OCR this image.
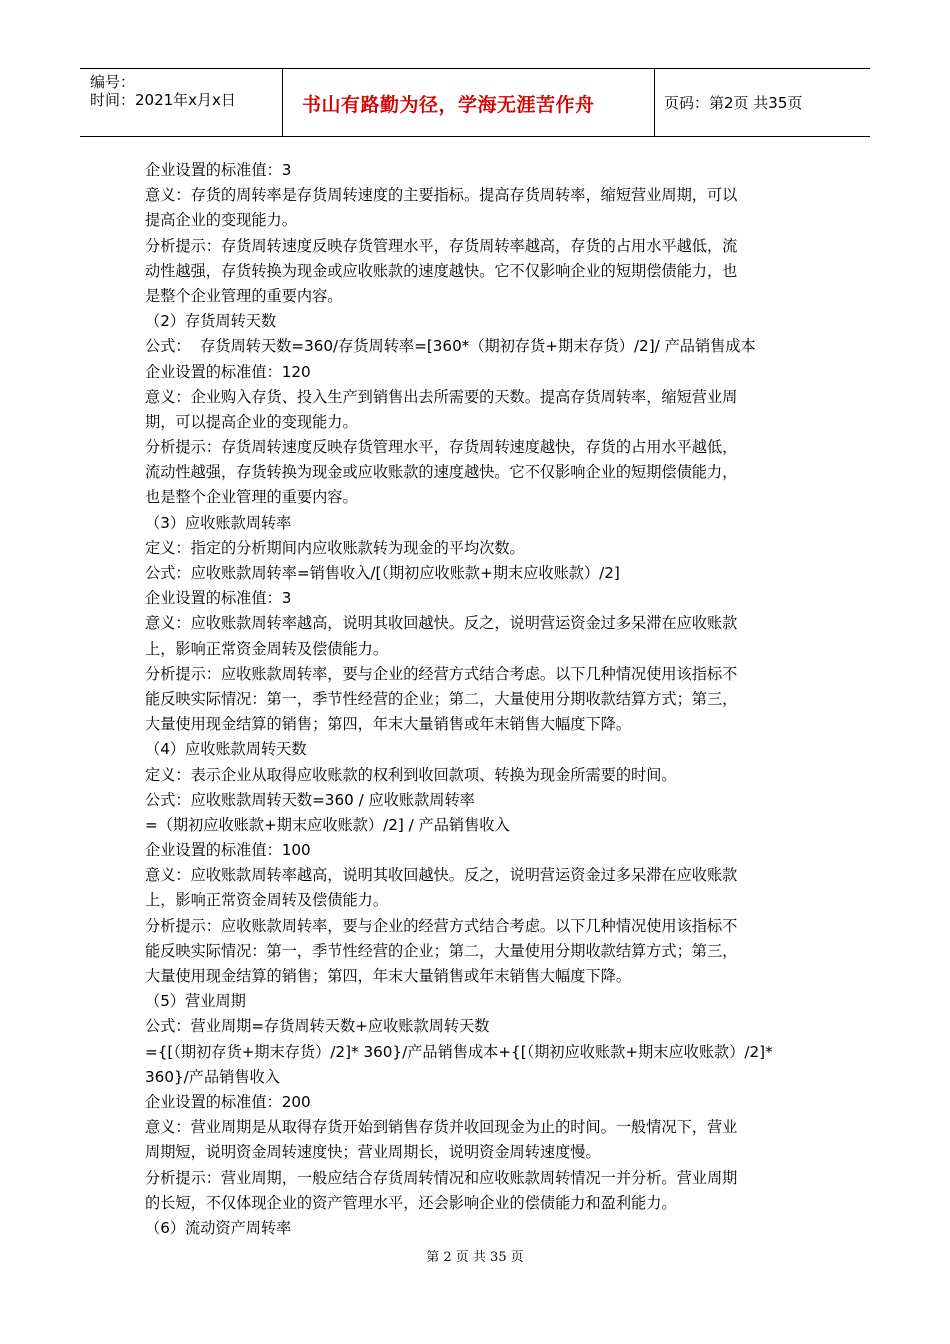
编号：
时间：2021年x月x日	书山有路勤为径，学海无涯苦作舟	页码：第2页 共35页
企业设置的标准值：3
意义：存货的周转率是存货周转速度的主要指标。提高存货周转率，缩短营业周期，可以
提高企业的变现能力。
分析提示：存货周转速度反映存货管理水平，存货周转率越高，存货的占用水平越低，流
动性越强，存货转换为现金或应收账款的速度越快。它不仅影响企业的短期偿债能力，也
是整个企业管理的重要内容。
（2）存货周转天数
公式：  存货周转天数=360/存货周转率=[360*（期初存货+期末存货）/2]/ 产品销售成本
企业设置的标准值：120
意义：企业购入存货、投入生产到销售出去所需要的天数。提高存货周转率，缩短营业周
期，可以提高企业的变现能力。
分析提示：存货周转速度反映存货管理水平，存货周转速度越快，存货的占用水平越低，
流动性越强，存货转换为现金或应收账款的速度越快。它不仅影响企业的短期偿债能力，
也是整个企业管理的重要内容。
（3）应收账款周转率
定义：指定的分析期间内应收账款转为现金的平均次数。
公式：应收账款周转率=销售收入/[（期初应收账款+期末应收账款）/2]
企业设置的标准值：3
意义：应收账款周转率越高，说明其收回越快。反之，说明营运资金过多呆滞在应收账款
上，影响正常资金周转及偿债能力。
分析提示：应收账款周转率，要与企业的经营方式结合考虑。以下几种情况使用该指标不
能反映实际情况：第一，季节性经营的企业；第二，大量使用分期收款结算方式；第三，
大量使用现金结算的销售；第四，年末大量销售或年末销售大幅度下降。
（4）应收账款周转天数
定义：表示企业从取得应收账款的权利到收回款项、转换为现金所需要的时间。
公式：应收账款周转天数=360 / 应收账款周转率
=（期初应收账款+期末应收账款）/2] / 产品销售收入
企业设置的标准值：100
意义：应收账款周转率越高，说明其收回越快。反之，说明营运资金过多呆滞在应收账款
上，影响正常资金周转及偿债能力。
分析提示：应收账款周转率，要与企业的经营方式结合考虑。以下几种情况使用该指标不
能反映实际情况：第一，季节性经营的企业；第二，大量使用分期收款结算方式；第三，
大量使用现金结算的销售；第四，年末大量销售或年末销售大幅度下降。
（5）营业周期
公式：营业周期=存货周转天数+应收账款周转天数
={[（期初存货+期末存货）/2]* 360}/产品销售成本+{[（期初应收账款+期末应收账款）/2]*
360}/产品销售收入
企业设置的标准值：200
意义：营业周期是从取得存货开始到销售存货并收回现金为止的时间。一般情况下，营业
周期短，说明资金周转速度快；营业周期长，说明资金周转速度慢。
分析提示：营业周期，一般应结合存货周转情况和应收账款周转情况一并分析。营业周期
的长短，不仅体现企业的资产管理水平，还会影响企业的偿债能力和盈利能力。
（6）流动资产周转率
第 2 页 共 35 页
